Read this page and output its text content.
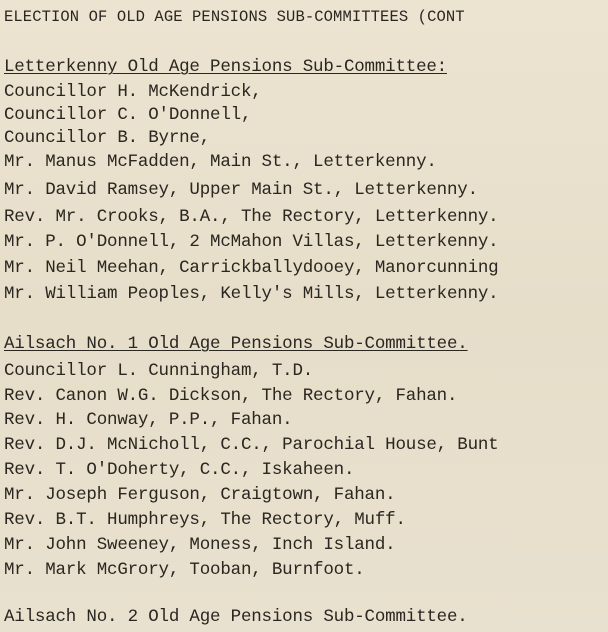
ELECTION OF OLD AGE PENSIONS SUB-COMMITTEES (CONT
Letterkenny Old Age Pensions Sub-Committee:
Councillor H. McKendrick,
Councillor C. O'Donnell,
Councillor B. Byrne,
Mr. Manus McFadden, Main St., Letterkenny.
Mr. David Ramsey, Upper Main St., Letterkenny.
Rev. Mr. Crooks, B.A., The Rectory, Letterkenny.
Mr. P. O'Donnell, 2 McMahon Villas, Letterkenny.
Mr. Neil Meehan, Carrickballydooey, Manorcunning
Mr. William Peoples, Kelly's Mills, Letterkenny.
Ailsach No. 1 Old Age Pensions Sub-Committee.
Councillor L. Cunningham, T.D.
Rev. Canon W.G. Dickson, The Rectory, Fahan.
Rev. H. Conway, P.P., Fahan.
Rev. D.J. McNicholl, C.C., Parochial House, Bunt
Rev. T. O'Doherty, C.C., Iskaheen.
Mr. Joseph Ferguson, Craigtown, Fahan.
Rev. B.T. Humphreys, The Rectory, Muff.
Mr. John Sweeney, Moness, Inch Island.
Mr. Mark McGrory, Tooban, Burnfoot.
Ailsach No. 2 Old Age Pensions Sub-Committee.
